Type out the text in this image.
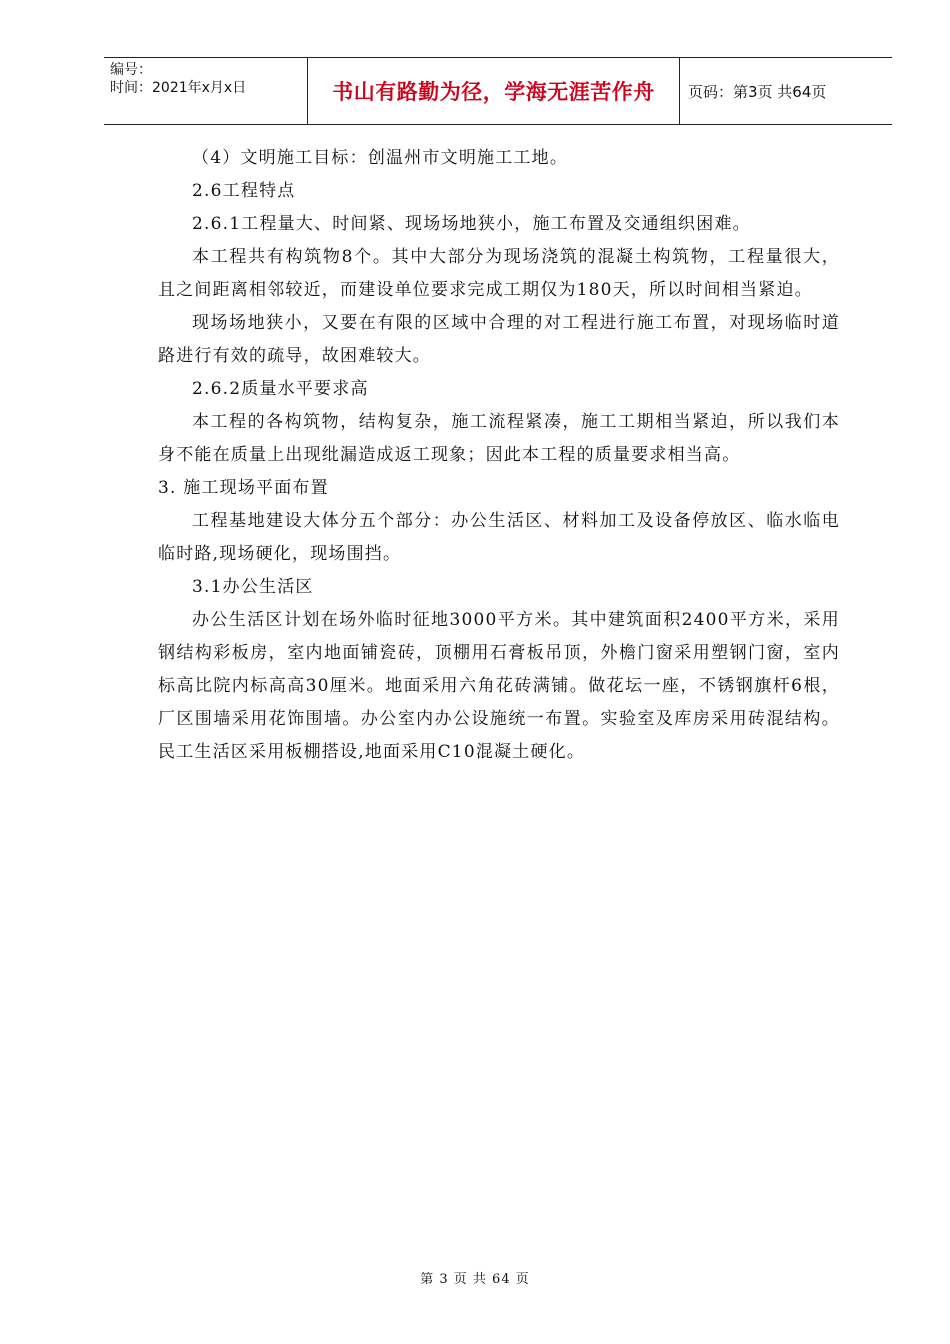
编号：
时间：2021年x月x日	书山有路勤为径，学海无涯苦作舟	页码：第3页 共64页

（4）文明施工目标：创温州市文明施工工地。

2.6工程特点

2.6.1工程量大、时间紧、现场场地狭小，施工布置及交通组织困难。

本工程共有构筑物8个。其中大部分为现场浇筑的混凝土构筑物，工程量很大，且之间距离相邻较近，而建设单位要求完成工期仅为180天，所以时间相当紧迫。

现场场地狭小，又要在有限的区域中合理的对工程进行施工布置，对现场临时道路进行有效的疏导，故困难较大。

2.6.2质量水平要求高

本工程的各构筑物，结构复杂，施工流程紧凑，施工工期相当紧迫，所以我们本身不能在质量上出现纰漏造成返工现象；因此本工程的质量要求相当高。

3. 施工现场平面布置

工程基地建设大体分五个部分：办公生活区、材料加工及设备停放区、临水临电临时路,现场硬化，现场围挡。

3.1办公生活区

办公生活区计划在场外临时征地3000平方米。其中建筑面积2400平方米，采用钢结构彩板房，室内地面铺瓷砖，顶棚用石膏板吊顶，外檐门窗采用塑钢门窗，室内标高比院内标高高30厘米。地面采用六角花砖满铺。做花坛一座，不锈钢旗杆6根，厂区围墙采用花饰围墙。办公室内办公设施统一布置。实验室及库房采用砖混结构。民工生活区采用板棚搭设,地面采用C10混凝土硬化。

第 3 页 共 64 页
